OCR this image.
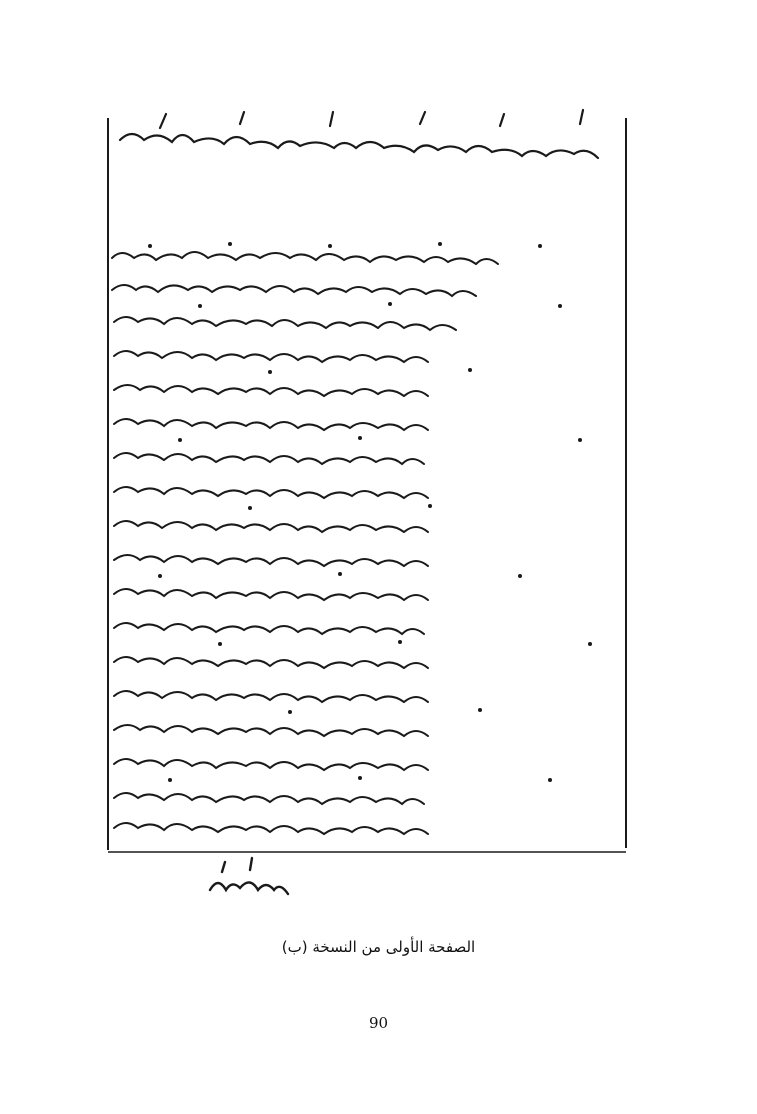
الصفحة الأولى من النسخة (ب)
90
